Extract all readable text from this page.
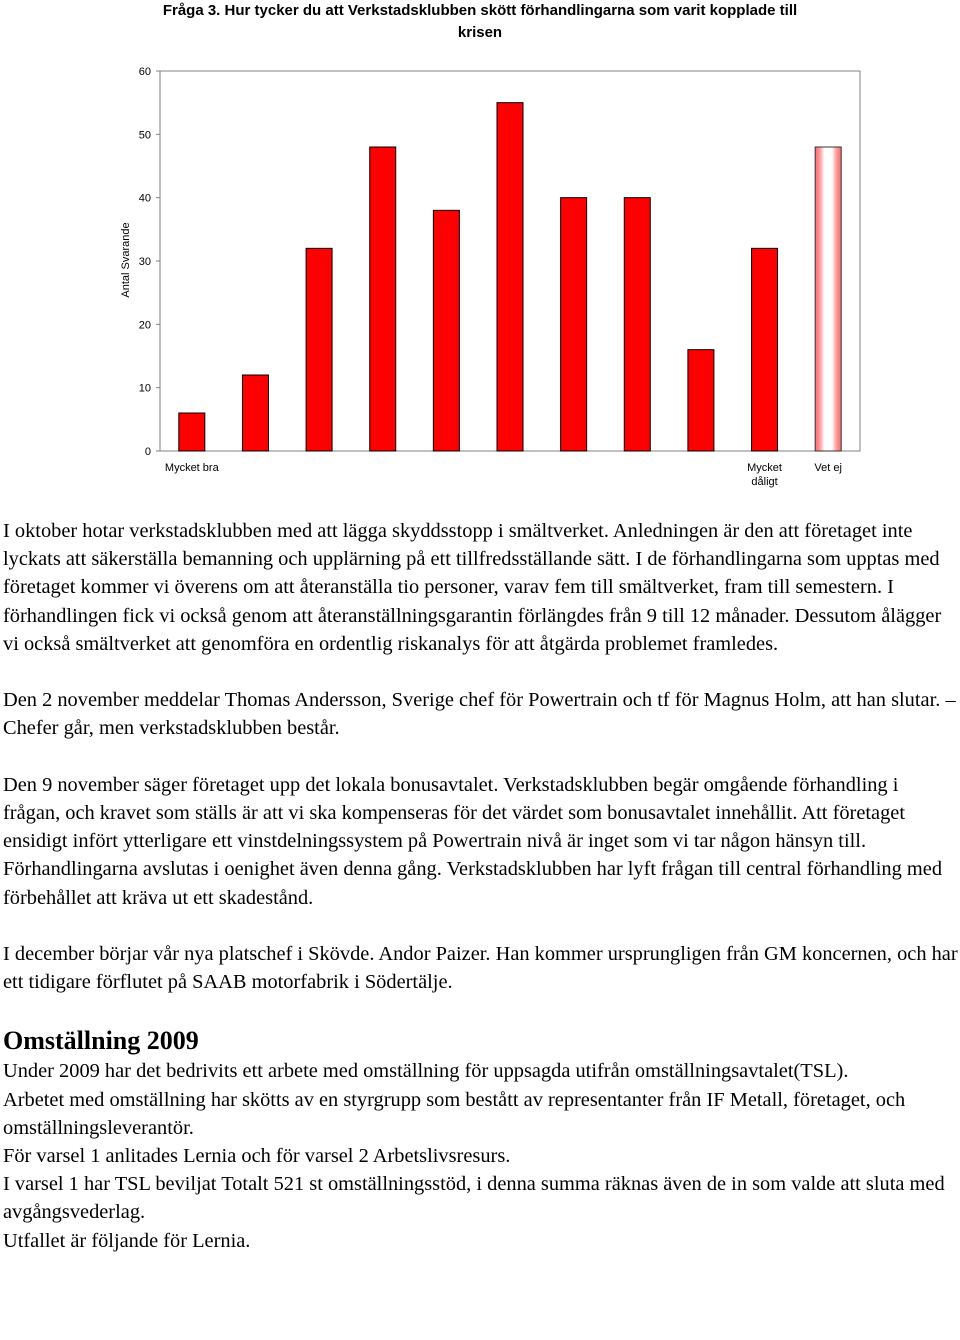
0
10
20
30
40
50
60
Antal Svarande
Mycket bra	Mycket
dåligt
Vet ej
Fråga 3. Hur tycker du att Verkstadsklubben skött förhandlingarna som varit kopplade till krisen

I oktober hotar verkstadsklubben med att lägga skyddsstopp i smältverket. Anledningen är den att företaget inte lyckats att säkerställa bemanning och upplärning på ett tillfredsställande sätt. I de förhandlingarna som upptas med företaget kommer vi överens om att återanställa tio personer, varav fem till smältverket, fram till semestern. I förhandlingen fick vi också genom att återanställningsgarantin förlängdes från 9 till 12 månader. Dessutom ålägger vi också smältverket att genomföra en ordentlig riskanalys för att åtgärda problemet framledes.

Den 2 november meddelar Thomas Andersson, Sverige chef för Powertrain och tf för Magnus Holm, att han slutar. – Chefer går, men verkstadsklubben består.

Den 9 november säger företaget upp det lokala bonusavtalet. Verkstadsklubben begär omgående förhandling i frågan, och kravet som ställs är att vi ska kompenseras för det värdet som bonusavtalet innehållit. Att företaget ensidigt infört ytterligare ett vinstdelningssystem på Powertrain nivå är inget som vi tar någon hänsyn till.

Förhandlingarna avslutas i oenighet även denna gång. Verkstadsklubben har lyft frågan till central förhandling med förbehållet att kräva ut ett skadestånd.

I december börjar vår nya platschef i Skövde. Andor Paizer. Han kommer ursprungligen från GM koncernen, och har ett tidigare förflutet på SAAB motorfabrik i Södertälje.

Omställning 2009

Under 2009 har det bedrivits ett arbete med omställning för uppsagda utifrån omställningsavtalet(TSL).

Arbetet med omställning har skötts av en styrgrupp som bestått av representanter från IF Metall, företaget, och omställningsleverantör.

För varsel 1 anlitades Lernia och för varsel 2 Arbetslivsresurs.

I varsel 1 har TSL beviljat Totalt 521 st omställningsstöd, i denna summa räknas även de in som valde att sluta med avgångsvederlag.

Utfallet är följande för Lernia.
